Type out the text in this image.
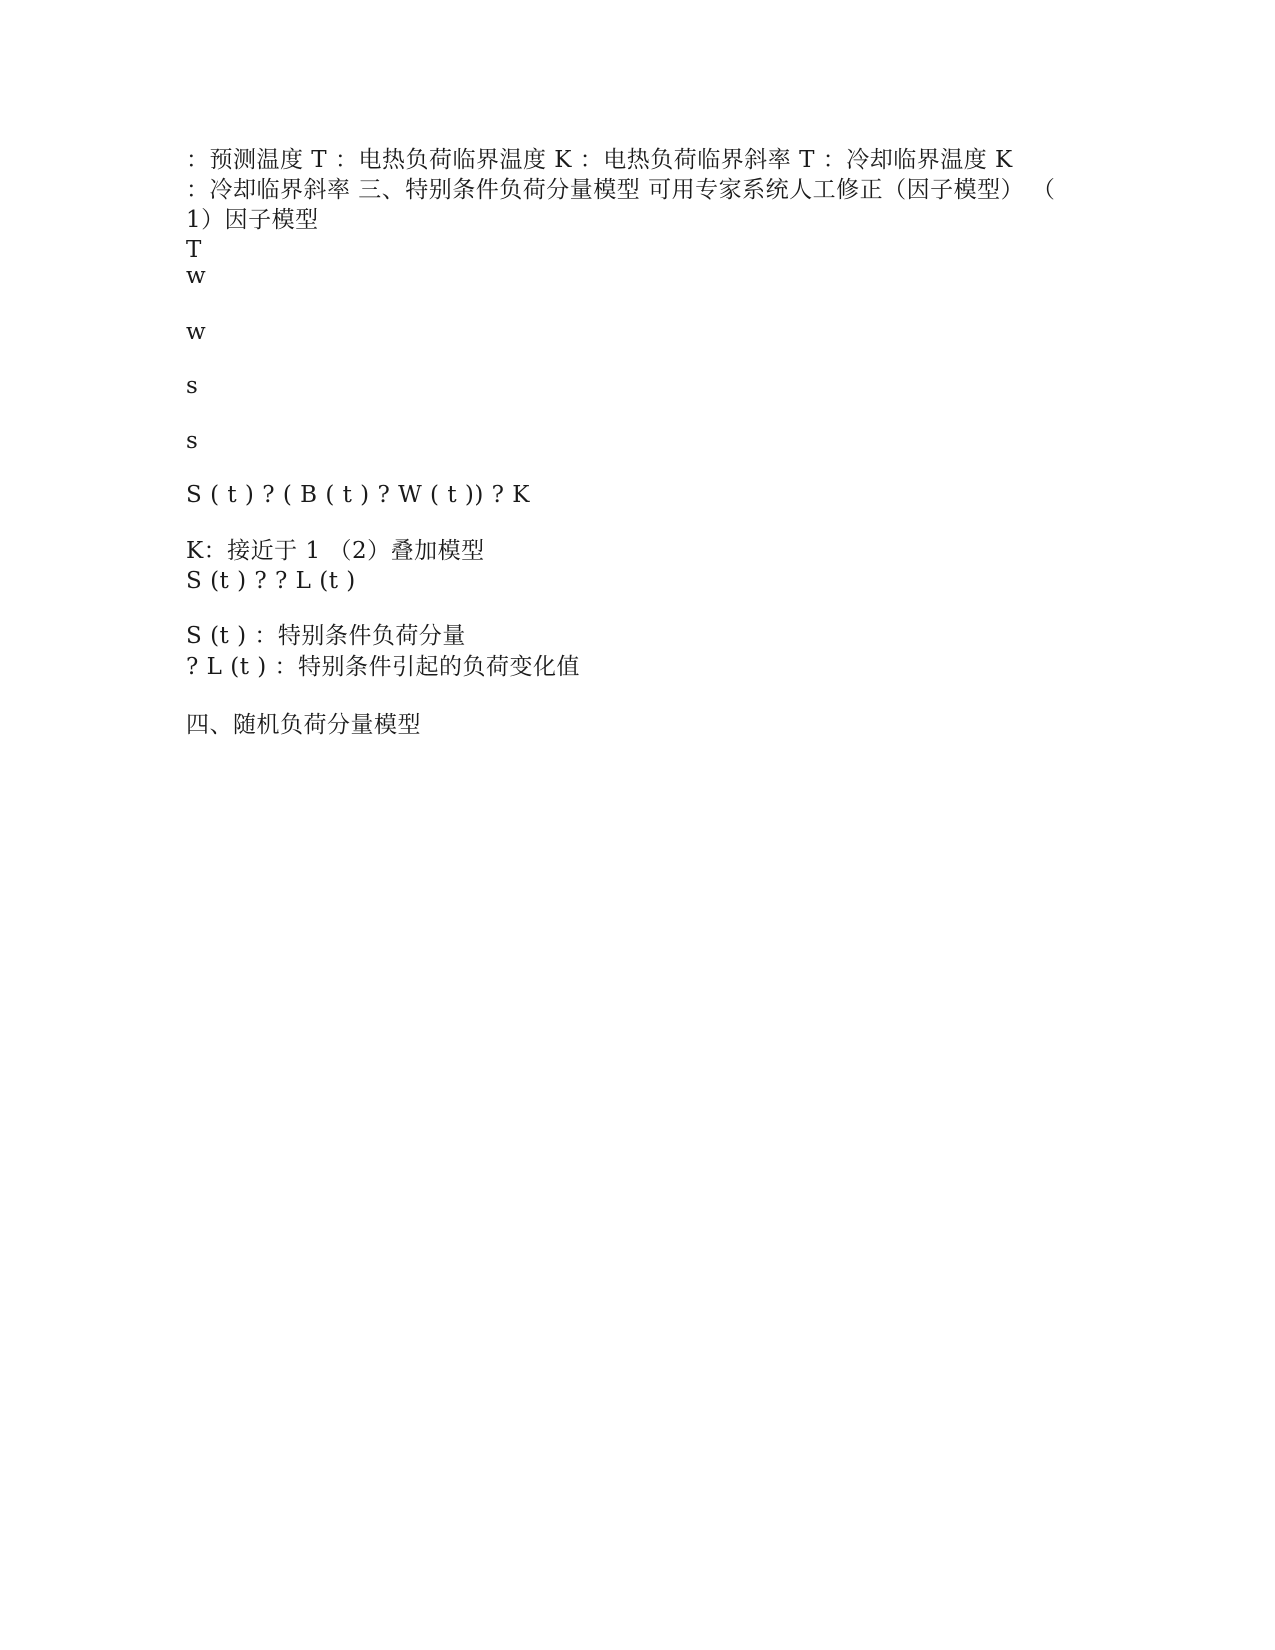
：预测温度 T ：电热负荷临界温度 K ：电热负荷临界斜率 T ：冷却临界温度 K
：冷却临界斜率 三、特别条件负荷分量模型 可用专家系统人工修正（因子模型） （
1）因子模型
T
w
w
s
s
S ( t ) ? ( B ( t ) ? W ( t )) ? K
K：接近于 1 （2）叠加模型
S (t ) ? ? L (t )
S (t ) ：特别条件负荷分量
? L (t ) ：特别条件引起的负荷变化值
四、随机负荷分量模型
